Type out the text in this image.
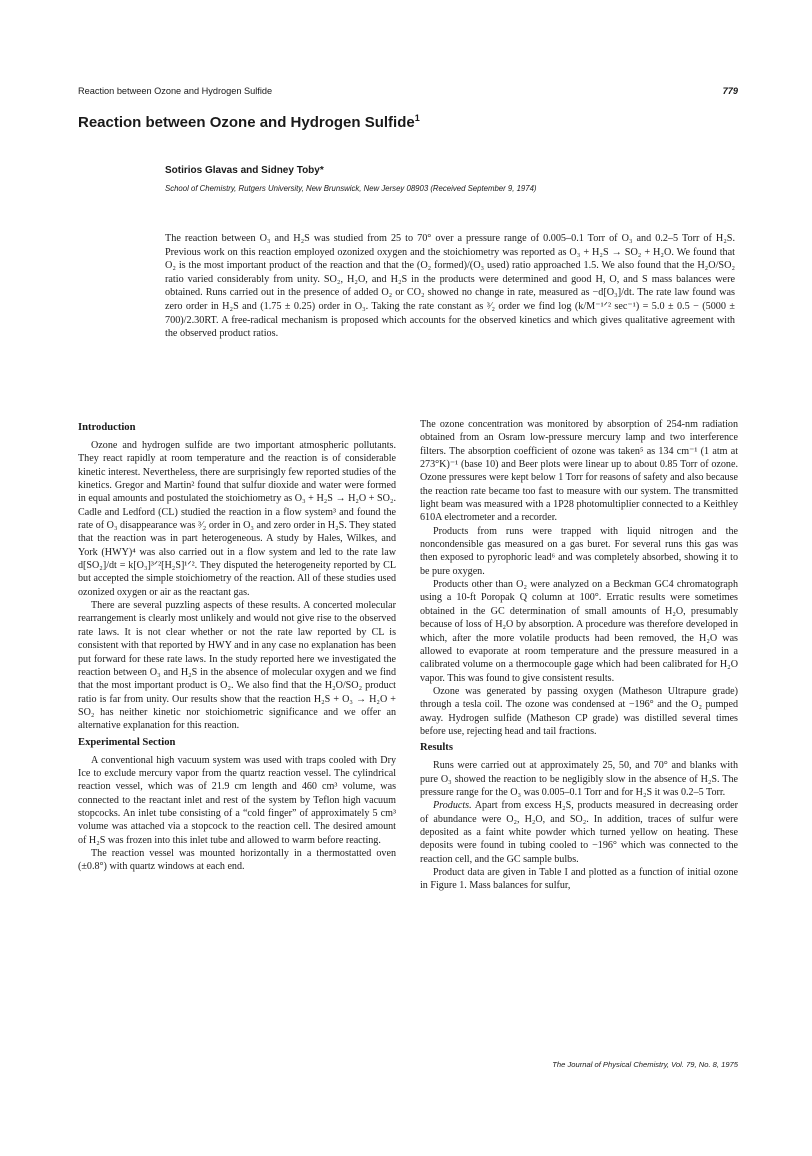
Reaction between Ozone and Hydrogen Sulfide	779
Reaction between Ozone and Hydrogen Sulfide$^1$
Sotirios Glavas and Sidney Toby*
School of Chemistry, Rutgers University, New Brunswick, New Jersey 08903 (Received September 9, 1974)

The reaction between O₃ and H₂S was studied from 25 to 70° over a pressure range of 0.005–0.1 Torr of O₃ and 0.2–5 Torr of H₂S. Previous work on this reaction employed ozonized oxygen and the stoichiometry was reported as O₃ + H₂S → SO₂ + H₂O. We found that O₂ is the most important product of the reaction and that the (O₂ formed)/(O₃ used) ratio approached 1.5. We also found that the H₂O/SO₂ ratio varied considerably from unity. SO₂, H₂O, and H₂S in the products were determined and good H, O, and S mass balances were obtained. Runs carried out in the presence of added O₂ or CO₂ showed no change in rate, measured as −d[O₃]/dt. The rate law found was zero order in H₂S and (1.75 ± 0.25) order in O₃. Taking the rate constant as ³⁄₂ order we find log (k/M⁻¹ᐟ² sec⁻¹) = 5.0 ± 0.5 − (5000 ± 700)/2.30RT. A free-radical mechanism is proposed which accounts for the observed kinetics and which gives qualitative agreement with the observed product ratios.

Introduction

Ozone and hydrogen sulfide are two important atmospheric pollutants. They react rapidly at room temperature and the reaction is of considerable kinetic interest. Nevertheless, there are surprisingly few reported studies of the kinetics. Gregor and Martin² found that sulfur dioxide and water were formed in equal amounts and postulated the stoichiometry as O₃ + H₂S → H₂O + SO₂. Cadle and Ledford (CL) studied the reaction in a flow system³ and found the rate of O₃ disappearance was ³⁄₂ order in O₃ and zero order in H₂S. They stated that the reaction was in part heterogeneous. A study by Hales, Wilkes, and York (HWY)⁴ was also carried out in a flow system and led to the rate law d[SO₂]/dt = k[O₃]³ᐟ²[H₂S]¹ᐟ². They disputed the heterogeneity reported by CL but accepted the simple stoichiometry of the reaction. All of these studies used ozonized oxygen or air as the reactant gas.

There are several puzzling aspects of these results. A concerted molecular rearrangement is clearly most unlikely and would not give rise to the observed rate laws. It is not clear whether or not the rate law reported by CL is consistent with that reported by HWY and in any case no explanation has been put forward for these rate laws. In the study reported here we investigated the reaction between O₃ and H₂S in the absence of molecular oxygen and we find that the most important product is O₂. We also find that the H₂O/SO₂ product ratio is far from unity. Our results show that the reaction H₂S + O₃ → H₂O + SO₂ has neither kinetic nor stoichiometric significance and we offer an alternative explanation for this reaction.

Experimental Section

A conventional high vacuum system was used with traps cooled with Dry Ice to exclude mercury vapor from the quartz reaction vessel. The cylindrical reaction vessel, which was of 21.9 cm length and 460 cm³ volume, was connected to the reactant inlet and rest of the system by Teflon high vacuum stopcocks. An inlet tube consisting of a “cold finger” of approximately 5 cm³ volume was attached via a stopcock to the reaction cell. The desired amount of H₂S was frozen into this inlet tube and allowed to warm before reacting.

The reaction vessel was mounted horizontally in a thermostatted oven (±0.8°) with quartz windows at each end.

The ozone concentration was monitored by absorption of 254-nm radiation obtained from an Osram low-pressure mercury lamp and two interference filters. The absorption coefficient of ozone was taken⁵ as 134 cm⁻¹ (1 atm at 273°K)⁻¹ (base 10) and Beer plots were linear up to about 0.85 Torr of ozone. Ozone pressures were kept below 1 Torr for reasons of safety and also because the reaction rate became too fast to measure with our system. The transmitted light beam was measured with a 1P28 photomultiplier connected to a Keithley 610A electrometer and a recorder.

Products from runs were trapped with liquid nitrogen and the noncondensible gas measured on a gas buret. For several runs this gas was then exposed to pyrophoric lead⁶ and was completely absorbed, showing it to be pure oxygen.

Products other than O₂ were analyzed on a Beckman GC4 chromatograph using a 10-ft Poropak Q column at 100°. Erratic results were sometimes obtained in the GC determination of small amounts of H₂O, presumably because of loss of H₂O by absorption. A procedure was therefore developed in which, after the more volatile products had been removed, the H₂O was allowed to evaporate at room temperature and the pressure measured in a calibrated volume on a thermocouple gage which had been calibrated for H₂O vapor. This was found to give consistent results.

Ozone was generated by passing oxygen (Matheson Ultrapure grade) through a tesla coil. The ozone was condensed at −196° and the O₂ pumped away. Hydrogen sulfide (Matheson CP grade) was distilled several times before use, rejecting head and tail fractions.

Results

Runs were carried out at approximately 25, 50, and 70° and blanks with pure O₃ showed the reaction to be negligibly slow in the absence of H₂S. The pressure range for the O₃ was 0.005–0.1 Torr and for H₂S it was 0.2–5 Torr.

Products. Apart from excess H₂S, products measured in decreasing order of abundance were O₂, H₂O, and SO₂. In addition, traces of sulfur were deposited as a faint white powder which turned yellow on heating. These deposits were found in tubing cooled to −196° which was connected to the reaction cell, and the GC sample bulbs.

Product data are given in Table I and plotted as a function of initial ozone in Figure 1. Mass balances for sulfur,

The Journal of Physical Chemistry, Vol. 79, No. 8, 1975
